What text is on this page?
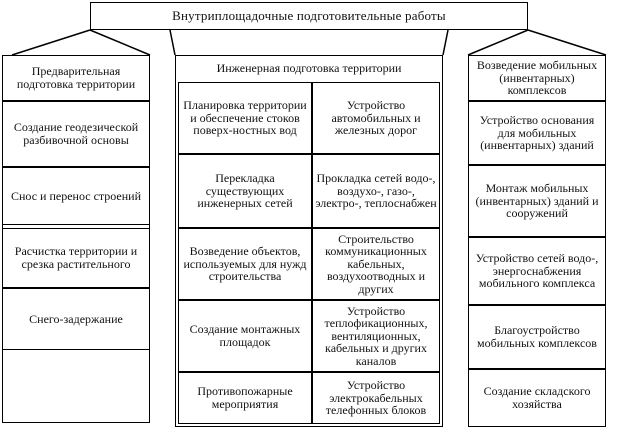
Внутриплощадочные подготовительные работы
Предварительная подготовка территории
Создание геодезической разбивочной основы
Снос и перенос строений
Расчистка территории и срезка растительного
Снего-задержание
Инженерная подготовка территории
Планировка территории и обеспечение стоков поверх-ностных вод
Перекладка существующих инженерных сетей
Возведение объектов, используемых для нужд строительства
Создание монтажных площадок
Противопожарные мероприятия
Устройство автомобильных и железных дорог
Прокладка сетей водо-, воздухо-, газо-, электро-, теплоснабжен
Строительство коммуникационных кабельных, воздухоотводных и других
Устройство теплофикационных, вентиляционных, кабельных и других каналов
Устройство электрокабельных телефонных блоков
Возведение мобильных (инвентарных) комплексов
Устройство основания для мобильных (инвентарных) зданий
Монтаж мобильных (инвентарных) зданий и сооружений
Устройство сетей водо-, энергоснабжения мобильного комплекса
Благоустройство мобильных комплексов
Создание складского хозяйства
